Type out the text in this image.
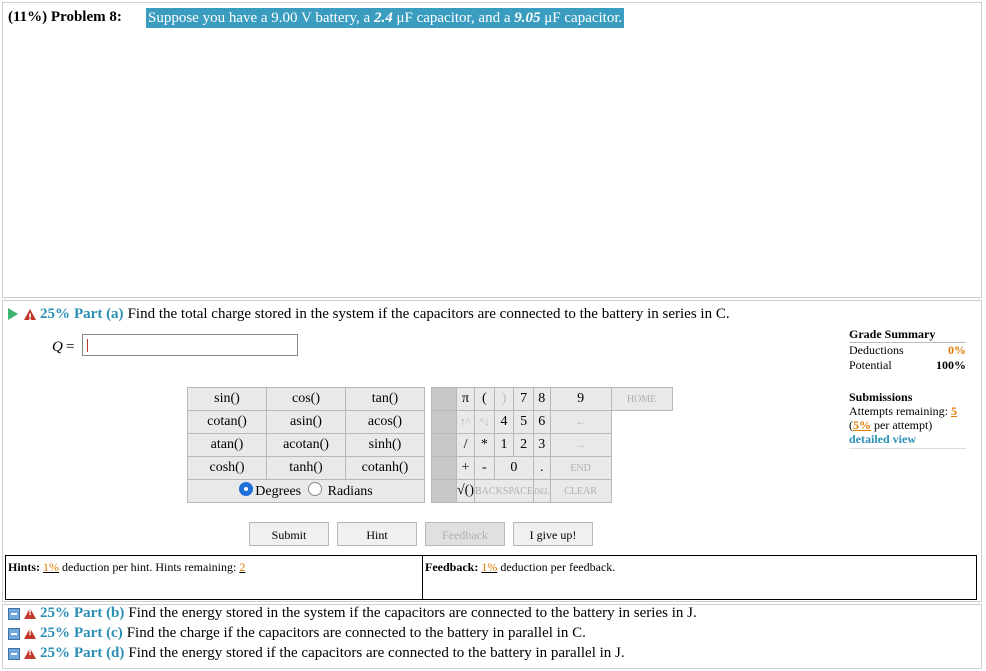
(11%) Problem 8: Suppose you have a 9.00 V battery, a 2.4 μF capacitor, and a 9.05 μF capacitor.
!
25% Part (a) Find the total charge stored in the system if the capacitors are connected to the battery in series in C.
Q =
sin()	cos()	tan()
cotan()	asin()	acos()
atan()	acotan()	sinh()
cosh()	tanh()	cotanh()
Degrees Radians		
	π	(	)	7	8	9	HOME
	↑^	^↓	4	5	6	←	
	/	*	1	2	3	→	
	+	-	0		.	END	
	√()	BACKSPACE			DEL	CLEAR	
Submit	Hint	Feedback	I give up!
Hints: 1% deduction per hint. Hints remaining: 2	Feedback: 1% deduction per feedback.
Grade Summary
Deductions	0%
Potential	100%
Submissions
Attempts remaining: 5
(5% per attempt)
detailed view
!
25% Part (b) Find the energy stored in the system if the capacitors are connected to the battery in series in J.
!
25% Part (c) Find the charge if the capacitors are connected to the battery in parallel in C.
!
25% Part (d) Find the energy stored if the capacitors are connected to the battery in parallel in J.
